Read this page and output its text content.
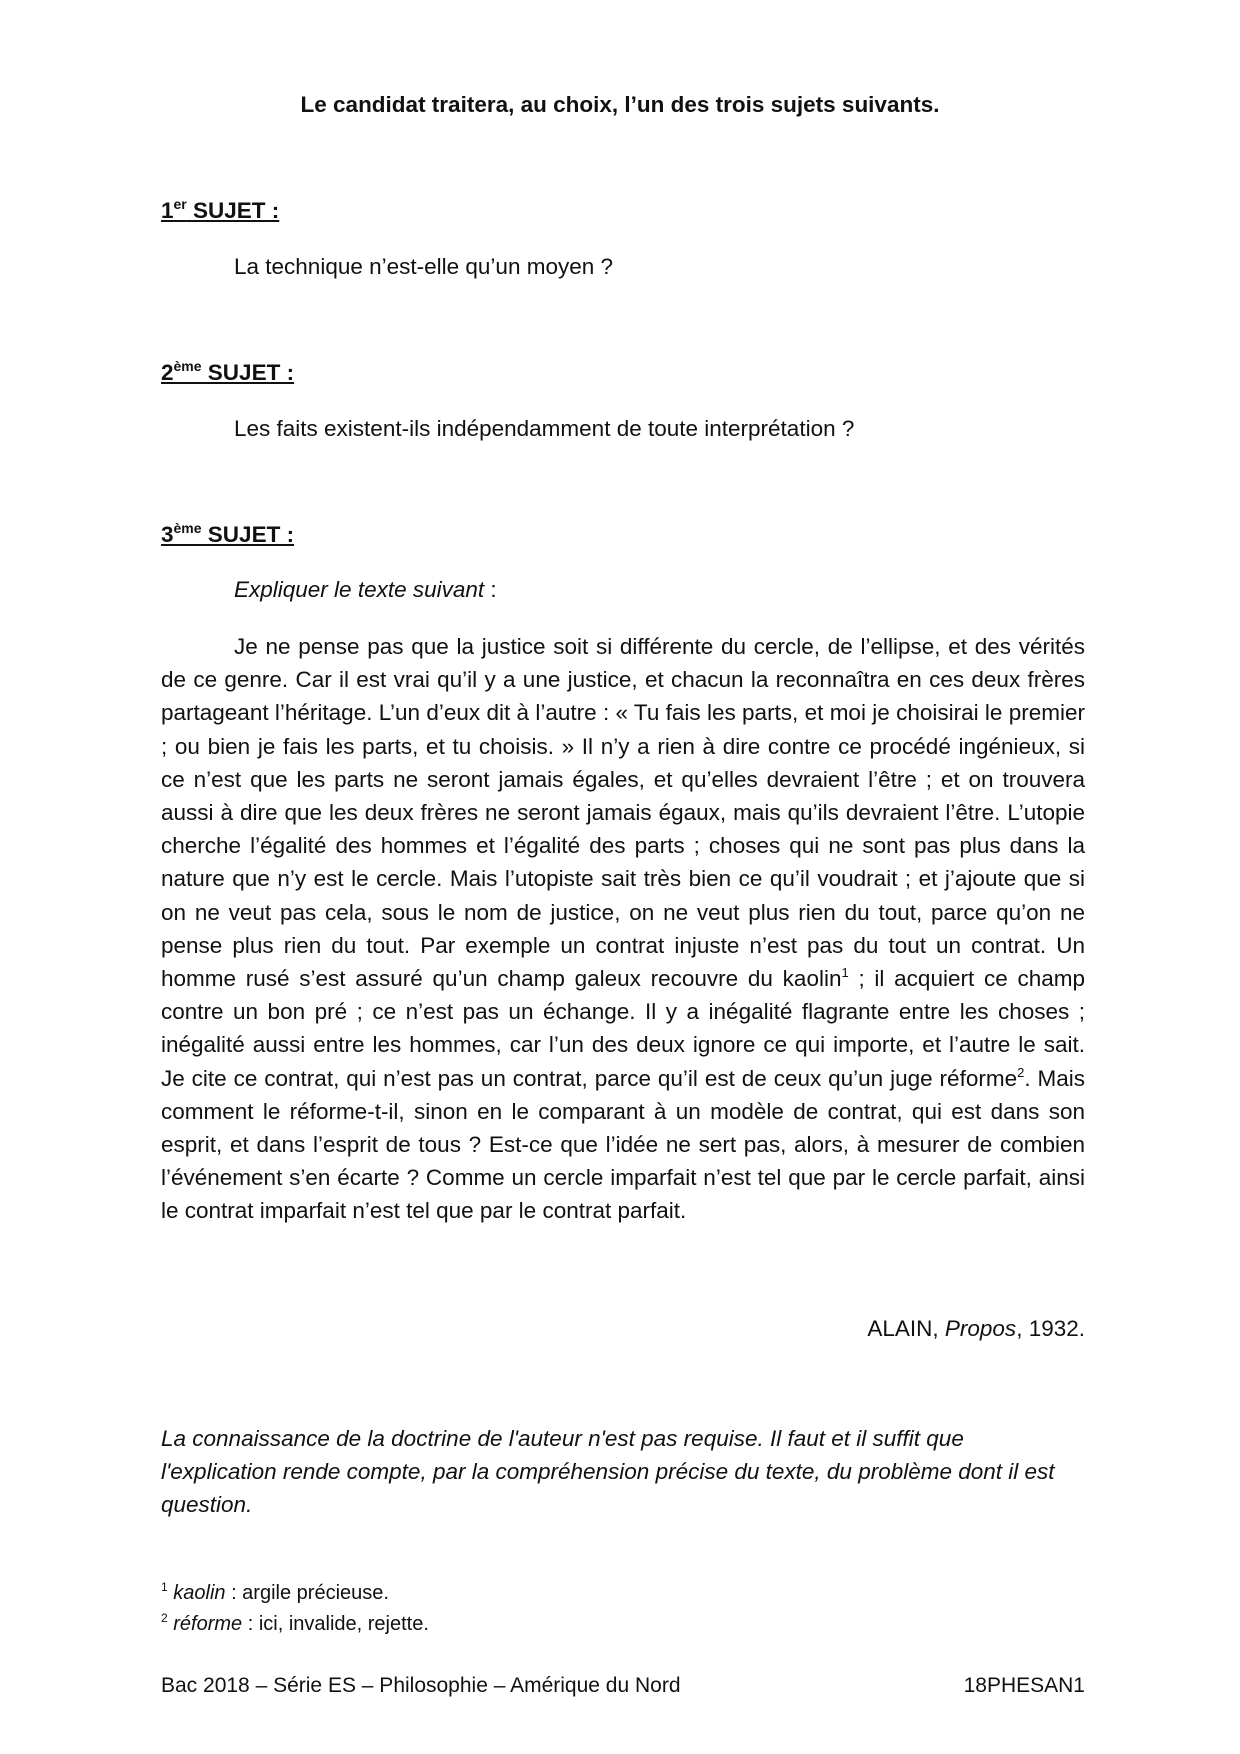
Le candidat traitera, au choix, l’un des trois sujets suivants.
1er SUJET :
La technique n’est-elle qu’un moyen ?
2ème SUJET :
Les faits existent-ils indépendamment de toute interprétation ?
3ème SUJET :
Expliquer le texte suivant :

Je ne pense pas que la justice soit si différente du cercle, de l’ellipse, et des vérités de ce genre. Car il est vrai qu’il y a une justice, et chacun la reconnaîtra en ces deux frères partageant l’héritage. L’un d’eux dit à l’autre : « Tu fais les parts, et moi je choisirai le premier ; ou bien je fais les parts, et tu choisis. » Il n’y a rien à dire contre ce procédé ingénieux, si ce n’est que les parts ne seront jamais égales, et qu’elles devraient l’être ; et on trouvera aussi à dire que les deux frères ne seront jamais égaux, mais qu’ils devraient l’être. L’utopie cherche l’égalité des hommes et l’égalité des parts ; choses qui ne sont pas plus dans la nature que n’y est le cercle. Mais l’utopiste sait très bien ce qu’il voudrait ; et j’ajoute que si on ne veut pas cela, sous le nom de justice, on ne veut plus rien du tout, parce qu’on ne pense plus rien du tout. Par exemple un contrat injuste n’est pas du tout un contrat. Un homme rusé s’est assuré qu’un champ galeux recouvre du kaolin$^1$ ; il acquiert ce champ contre un bon pré ; ce n’est pas un échange. Il y a inégalité flagrante entre les choses ; inégalité aussi entre les hommes, car l’un des deux ignore ce qui importe, et l’autre le sait. Je cite ce contrat, qui n’est pas un contrat, parce qu’il est de ceux qu’un juge réforme$^2$. Mais comment le réforme-t-il, sinon en le comparant à un modèle de contrat, qui est dans son esprit, et dans l’esprit de tous ? Est-ce que l’idée ne sert pas, alors, à mesurer de combien l’événement s’en écarte ? Comme un cercle imparfait n’est tel que par le cercle parfait, ainsi le contrat imparfait n’est tel que par le contrat parfait.

ALAIN, Propos, 1932.
La connaissance de la doctrine de l'auteur n'est pas requise. Il faut et il suffit que l'explication rende compte, par la compréhension précise du texte, du problème dont il est question.
$^1$ kaolin : argile précieuse.
$^2$ réforme : ici, invalide, rejette.
Bac 2018 – Série ES – Philosophie – Amérique du Nord	18PHESAN1
